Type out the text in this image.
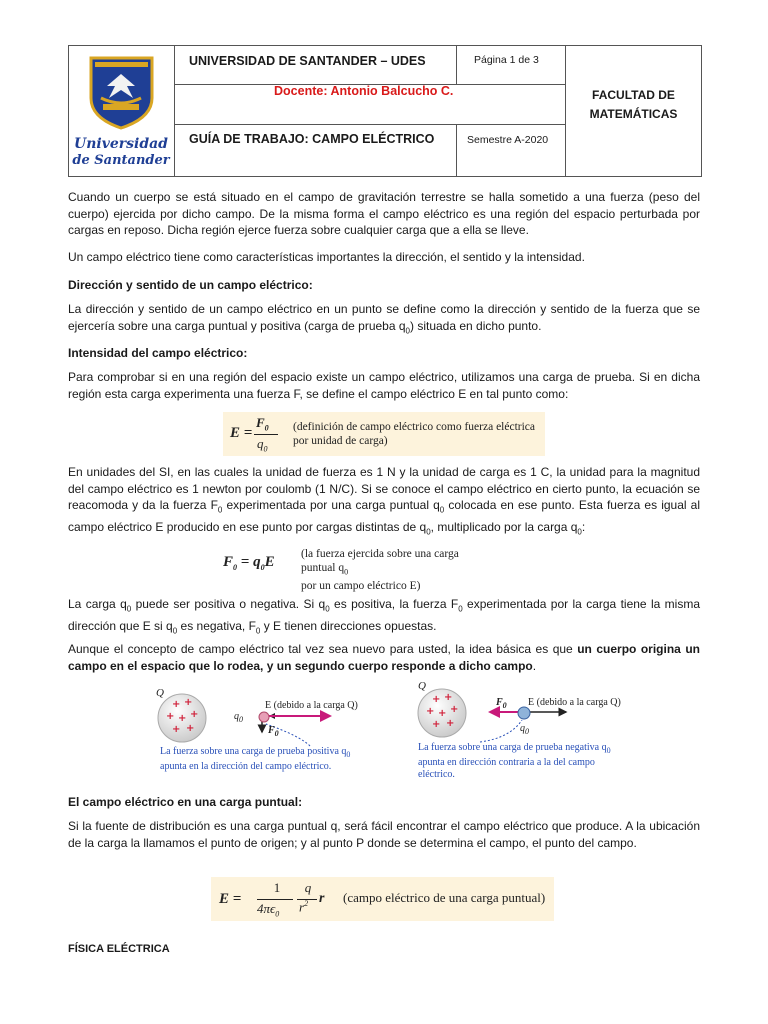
Universidad
de Santander
UNIVERSIDAD DE SANTANDER – UDES	Página 1 de 3
Docente: Antonio Balcucho C.
GUÍA DE TRABAJO: CAMPO ELÉCTRICO	Semestre A-2020
FACULTAD DE
MATEMÁTICAS
Cuando un cuerpo se está situado en el campo de gravitación terrestre se halla sometido a una fuerza (peso del cuerpo) ejercida por dicho campo. De la misma forma el campo eléctrico es una región del espacio perturbada por cargas en reposo. Dicha región ejerce fuerza sobre cualquier carga que a ella se lleve.
Un campo eléctrico tiene como características importantes la dirección, el sentido y la intensidad.
Dirección y sentido de un campo eléctrico:
La dirección y sentido de un campo eléctrico en un punto se define como la dirección y sentido de la fuerza que se ejercería sobre una carga puntual y positiva (carga de prueba $q_0$) situada en dicho punto.
Intensidad del campo eléctrico:
Para comprobar si en una región del espacio existe un campo eléctrico, utilizamos una carga de prueba. Si en dicha región esta carga experimenta una fuerza F, se define el campo eléctrico E en tal punto como:
E =
$F_0$
$q_0$
(definición de campo eléctrico como fuerza eléctrica
por unidad de carga)
En unidades del SI, en las cuales la unidad de fuerza es 1 N y la unidad de carga es 1 C, la unidad para la magnitud del campo eléctrico es 1 newton por coulomb (1 N/C). Si se conoce el campo eléctrico en cierto punto, la ecuación se reacomoda y da la fuerza $F_0$ experimentada por una carga puntual $q_0$ colocada en ese punto. Esta fuerza es igual al campo eléctrico E producido en ese punto por cargas distintas de $q_0$, multiplicado por la carga $q_0$:
$F_0 = q_0E$ (la fuerza ejercida sobre una carga puntual $q_0$
por un campo eléctrico E)
La carga $q_0$ puede ser positiva o negativa. Si $q_0$ es positiva, la fuerza $F_0$ experimentada por la carga tiene la misma dirección que E si $q_0$ es negativa, $F_0$ y E tienen direcciones opuestas.
Aunque el concepto de campo eléctrico tal vez sea nuevo para usted, la idea básica es que un cuerpo origina un campo en el espacio que lo rodea, y un segundo cuerpo responde a dicho campo.
+ +
+ + +
+ +
+ +
+ + +
+ +
Q
E (debido a la carga Q)
$q_0$
$F_0$
La fuerza sobre una carga de prueba positiva $q_0$
apunta en la dirección del campo eléctrico.
Q
$F_0$ E (debido a la carga Q)
$q_0$
La fuerza sobre una carga de prueba negativa $q_0$
apunta en dirección contraria a la del campo
eléctrico.
El campo eléctrico en una carga puntual:
Si la fuente de distribución es una carga puntual q, será fácil encontrar el campo eléctrico que produce. A la ubicación de la carga la llamamos el punto de origen; y al punto P donde se determina el campo, el punto del campo.
E =
1
$4\pi\epsilon_0$
q
$r^2$ r (campo eléctrico de una carga puntual)
FÍSICA ELÉCTRICA
